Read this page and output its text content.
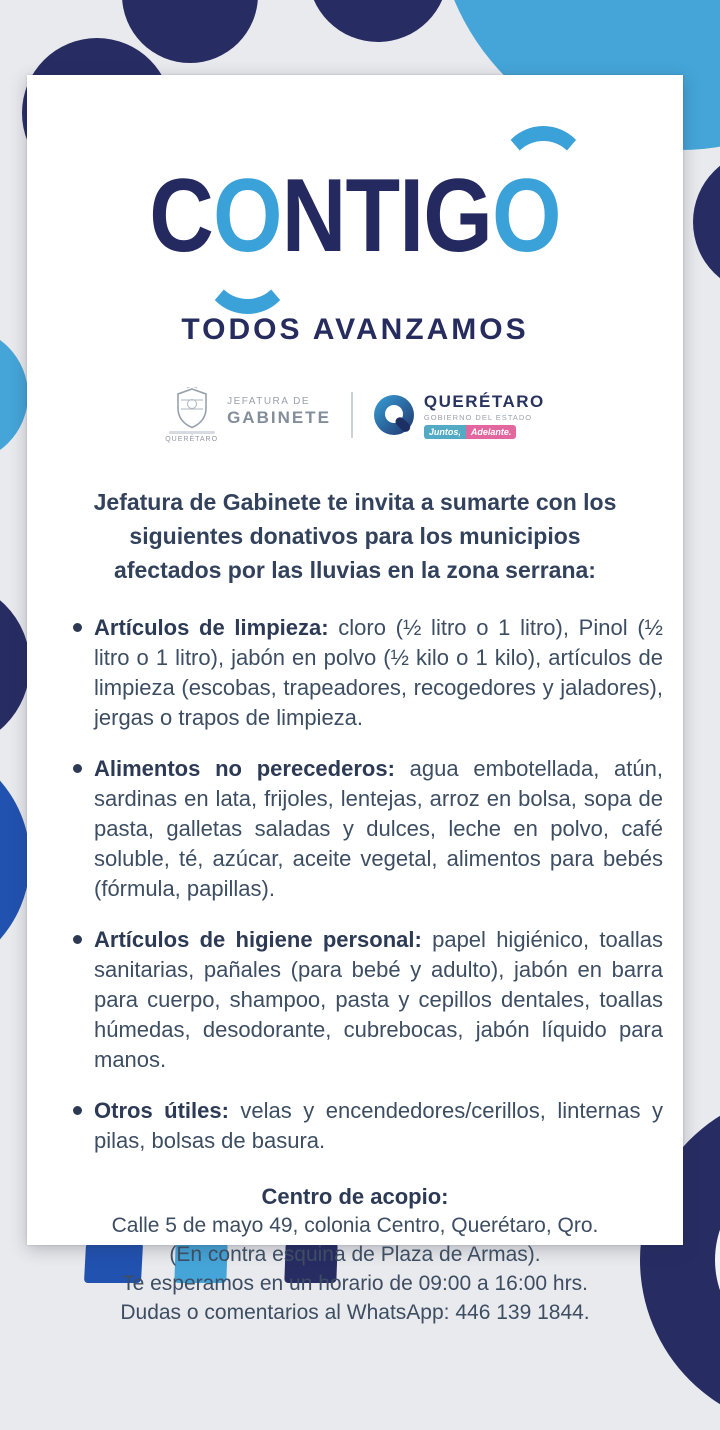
C O NTIG O
TODOS AVANZAMOS
QUERÉTARO
JEFATURA DE
GABINETE
QUERÉTARO
GOBIERNO DEL ESTADO
Juntos,	Adelante.

Jefatura de Gabinete te invita a sumarte con los siguientes donativos para los municipios afectados por las lluvias en la zona serrana:

Artículos de limpieza: cloro (½ litro o 1 litro), Pinol (½ litro o 1 litro), jabón en polvo (½ kilo o 1 kilo), artículos de limpieza (escobas, trapeadores, recogedores y jaladores), jergas o trapos de limpieza.
Alimentos no perecederos: agua embotellada, atún, sardinas en lata, frijoles, lentejas, arroz en bolsa, sopa de pasta, galletas saladas y dulces, leche en polvo, café soluble, té, azúcar, aceite vegetal, alimentos para bebés (fórmula, papillas).
Artículos de higiene personal: papel higiénico, toallas sanitarias, pañales (para bebé y adulto), jabón en barra para cuerpo, shampoo, pasta y cepillos dentales, toallas húmedas, desodorante, cubrebocas, jabón líquido para manos.
Otros útiles: velas y encendedores/cerillos, linternas y pilas, bolsas de basura.
Centro de acopio:
Calle 5 de mayo 49, colonia Centro, Querétaro, Qro.
(En contra esquina de Plaza de Armas).
Te esperamos en un horario de 09:00 a 16:00 hrs.
Dudas o comentarios al WhatsApp: 446 139 1844.
